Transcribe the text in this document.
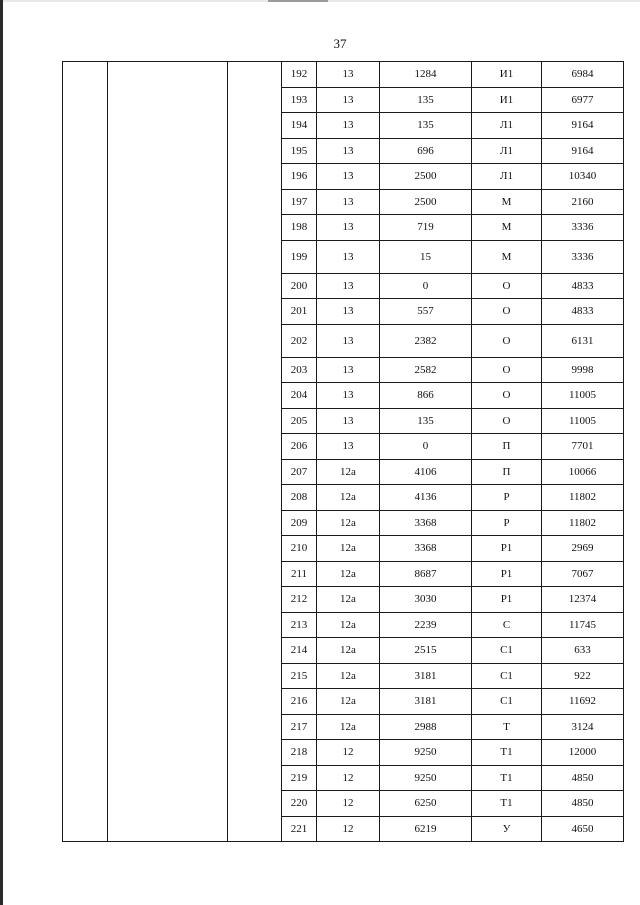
37
			192	13	1284	И1	6984
			193	13	135	И1	6977
			194	13	135	Л1	9164
			195	13	696	Л1	9164
			196	13	2500	Л1	10340
			197	13	2500	М	2160
			198	13	719	М	3336
			199	13	15	М	3336
			200	13	0	О	4833
			201	13	557	О	4833
			202	13	2382	О	6131
			203	13	2582	О	9998
			204	13	866	О	11005
			205	13	135	О	11005
			206	13	0	П	7701
			207	12а	4106	П	10066
			208	12а	4136	Р	11802
			209	12а	3368	Р	11802
			210	12а	3368	Р1	2969
			211	12а	8687	Р1	7067
			212	12а	3030	Р1	12374
			213	12а	2239	С	11745
			214	12а	2515	С1	633
			215	12а	3181	С1	922
			216	12а	3181	С1	11692
			217	12а	2988	Т	3124
			218	12	9250	Т1	12000
			219	12	9250	Т1	4850
			220	12	6250	Т1	4850
			221	12	6219	У	4650
